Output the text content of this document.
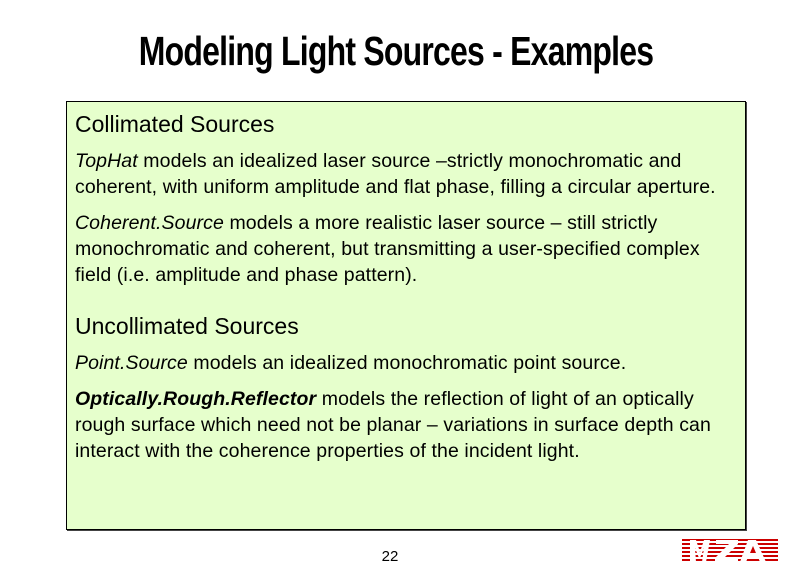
Modeling Light Sources - Examples
Collimated Sources

TopHat models an idealized laser source –strictly monochromatic and coherent, with uniform amplitude and flat phase, filling a circular aperture.

Coherent.Source models a more realistic laser source – still strictly monochromatic and coherent, but transmitting a user-specified complex field (i.e. amplitude and phase pattern).

Uncollimated Sources

Point.Source models an idealized monochromatic point source.

Optically.Rough.Reflector models the reflection of light of an optically rough surface which need not be planar – variations in surface depth can interact with the coherence properties of the incident light.

22
